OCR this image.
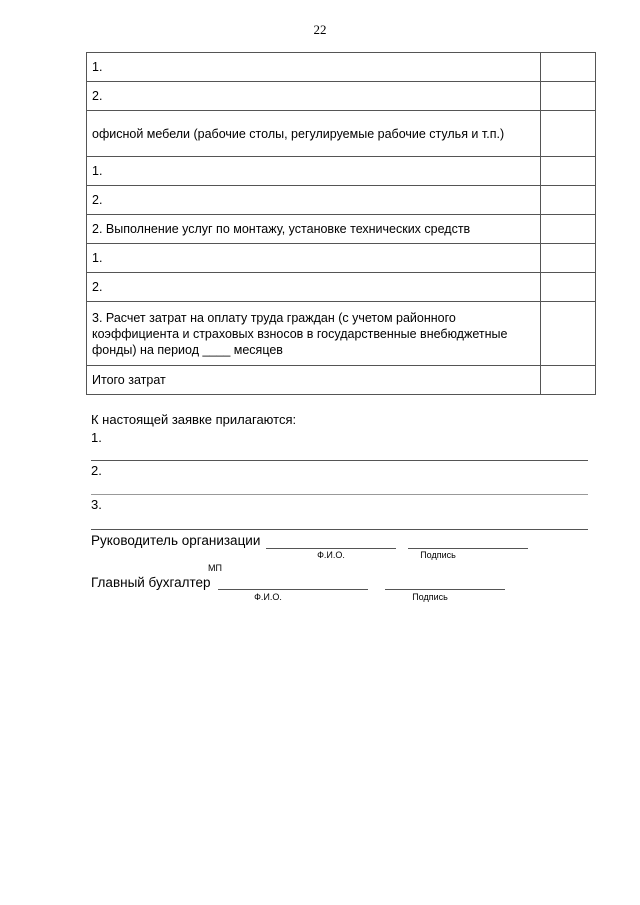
22
1.	
2.	
офисной мебели (рабочие столы, регулируемые рабочие стулья и т.п.)	
1.	
2.	
2. Выполнение услуг по монтажу, установке технических средств	
1.	
2.	
3. Расчет затрат на оплату труда граждан (с учетом районного коэффициента и страховых взносов в государственные внебюджетные фонды) на период ____ месяцев	
Итого затрат	
К настоящей заявке прилагаются:
1.
2.
3.
Руководитель организации
Ф.И.О.	Подпись
МП
Главный бухгалтер
Ф.И.О.	Подпись
